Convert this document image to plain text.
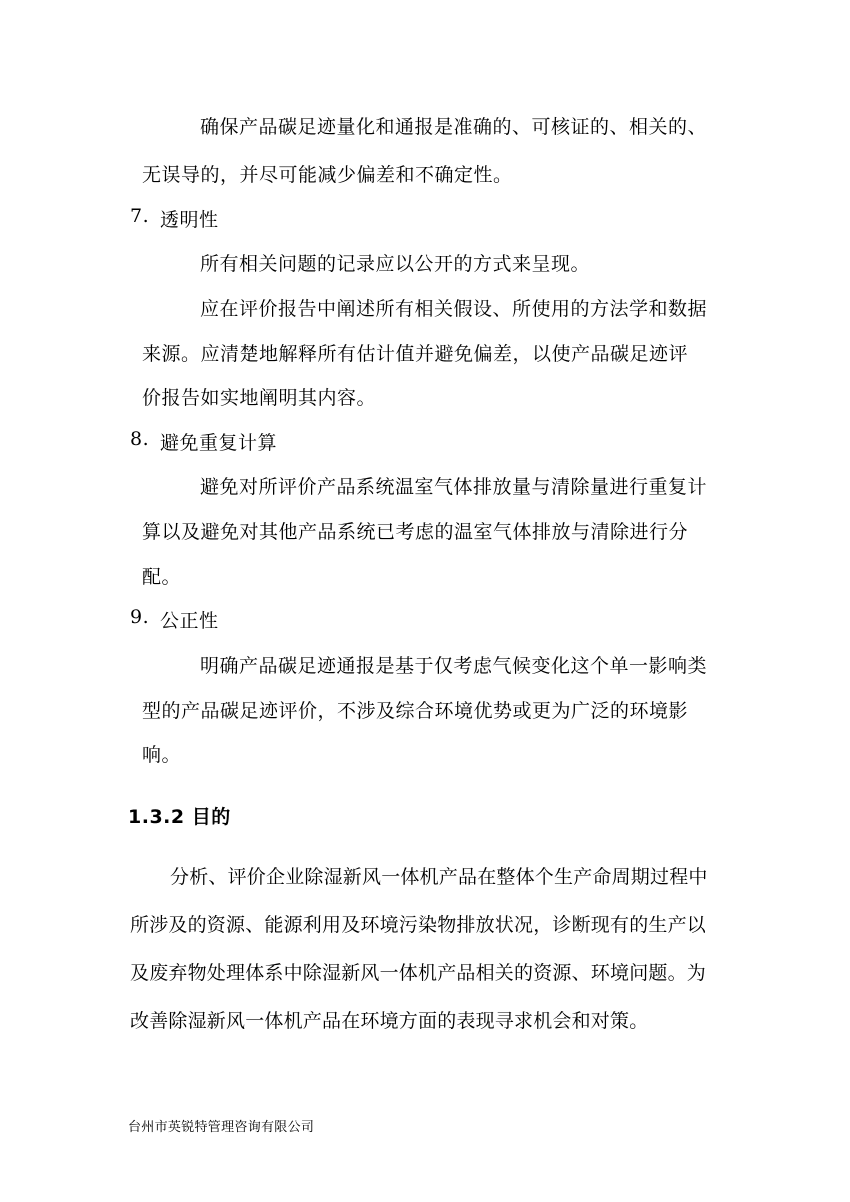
确保产品碳足迹量化和通报是准确的、可核证的、相关的、
无误导的，并尽可能减少偏差和不确定性。
7. 透明性
所有相关问题的记录应以公开的方式来呈现。
应在评价报告中阐述所有相关假设、所使用的方法学和数据
来源。应清楚地解释所有估计值并避免偏差，以使产品碳足迹评
价报告如实地阐明其内容。
8. 避免重复计算
避免对所评价产品系统温室气体排放量与清除量进行重复计
算以及避免对其他产品系统已考虑的温室气体排放与清除进行分
配。
9. 公正性
明确产品碳足迹通报是基于仅考虑气候变化这个单一影响类
型的产品碳足迹评价，不涉及综合环境优势或更为广泛的环境影
响。
1.3.2 目的
分析、评价企业除湿新风一体机产品在整体个生产命周期过程中
所涉及的资源、能源利用及环境污染物排放状况，诊断现有的生产以
及废弃物处理体系中除湿新风一体机产品相关的资源、环境问题。为
改善除湿新风一体机产品在环境方面的表现寻求机会和对策。
台州市英锐特管理咨询有限公司
